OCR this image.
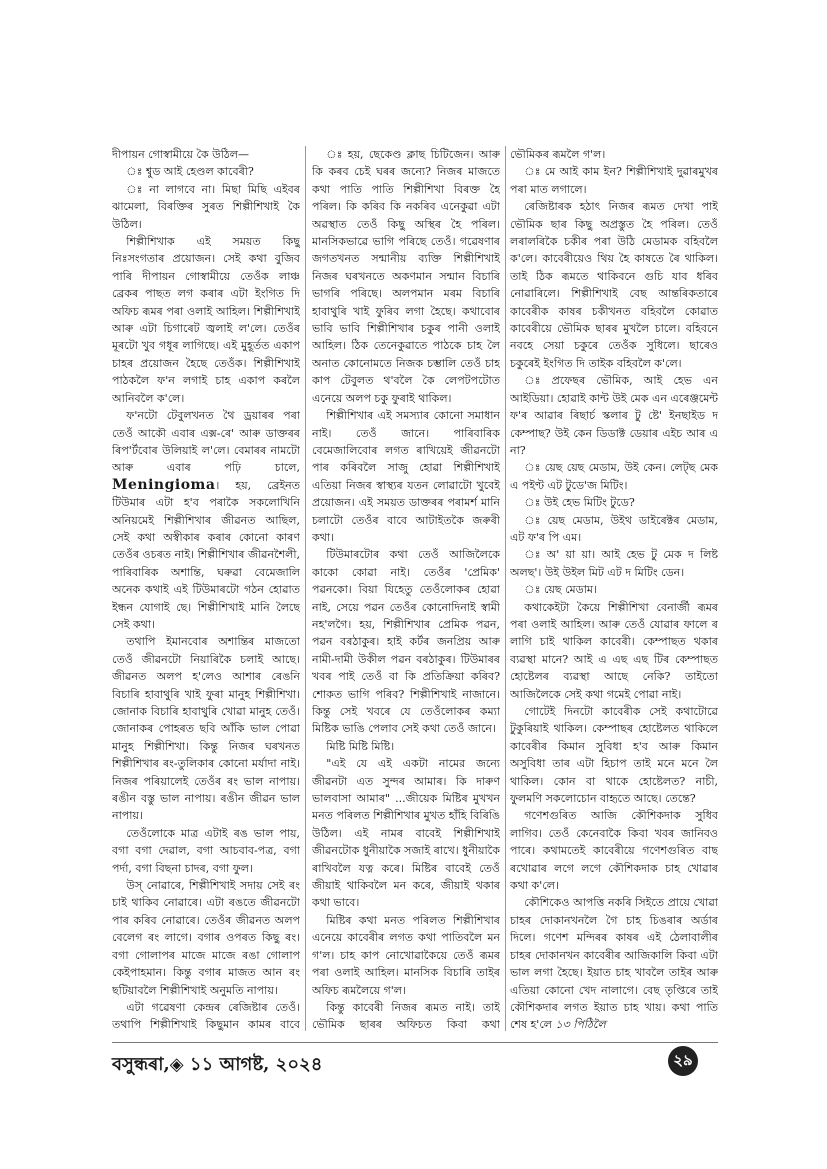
দীপায়ন গোস্বামীয়ে কৈ উঠিল—

ঃ শ্বুড আই হেণ্ডল কাবেৰী?

ঃ না লাগবে না। মিছা মিছি এইবৰ ঝামেলা, বিৰক্তিৰ সুৰত শিল্পীশিখাই কৈ উঠিল।

শিল্পীশিখাক এই সময়ত কিছু নিঃসংগতাৰ প্ৰয়োজন। সেই কথা বুজিব পাৰি দীপায়ন গোস্বামীয়ে তেওঁক লাঞ্চ ব্ৰেকৰ পাছত লগ কৰাৰ এটা ইংগিত দি অফিচ ৰূমৰ পৰা ওলাই আহিল। শিল্পীশিখাই আৰু এটা চিগাৰেট জ্বলাই ল'লে। তেওঁৰ মূৰটো খুব গধূৰ লাগিছে। এই মুহূৰ্তত একাপ চাহৰ প্ৰয়োজন হৈছে তেওঁক। শিল্পীশিখাই পাঠকলৈ ফ'ন লগাই চাহ একাপ কৰলৈ আনিবলৈ ক'লে।

ফ'নটো টেবুলখনত থৈ ড্ৰয়াৰৰ পৰা তেওঁ আকৌ এবাৰ এক্স-ৰে' আৰু ডাক্তৰৰ ৰিপ'ৰ্টবোৰ উলিয়াই ল'লে। বেমাৰৰ নামটো আৰু এবাৰ পঢ়ি চালে, Meningioma। হয়, ব্ৰেইনত টিউমাৰ এটা হ'ব পৰাকৈ সকলোখিনি অনিয়মেই শিল্পীশিখাৰ জীৱনত আছিল, সেই কথা অস্বীকাৰ কৰাৰ কোনো কাৰণ তেওঁৰ ওচৰত নাই। শিল্পীশিখাৰ জীৱনশৈলী, পাৰিবাৰিক অশান্তি, ঘৰুৱা বেমেজালি অনেক কথাই এই টিউমাৰটো গঠন হোৱাত ইন্ধন যোগাই ছে। শিল্পীশিখাই মানি লৈছে সেই কথা।

তথাপি ইমানবোৰ অশান্তিৰ মাজতো তেওঁ জীৱনটো নিয়াৰিকৈ চলাই আছে। জীৱনত অলপ হ'লেও আশাৰ ৰেঙনি বিচাৰি হাবাথুৰি খাই ফুৰা মানুহ শিল্পীশিখা। জোনাক বিচাৰি হাবাথুৰি খোৱা মানুহ তেওঁ। জোনাকৰ পোহৰত ছবি আঁকি ভাল পোৱা মানুহ শিল্পীশিখা। কিন্তু নিজৰ ঘৰখনত শিল্পীশিখাৰ ৰং-তুলিকাৰ কোনো মৰ্যাদা নাই। নিজৰ পৰিয়ালেই তেওঁৰ ৰং ভাল নাপায়। ৰঙীন বস্তু ভাল নাপায়। ৰঙীন জীৱন ভাল নাপায়।

তেওঁলোকে মাত্ৰ এটাই ৰঙ ভাল পায়, বগা বগা দেৱাল, বগা আচবাব-পত্ৰ, বগা পৰ্দা, বগা বিছনা চাদৰ, বগা ফুল।

উস্ নোৱাৰে, শিল্পীশিখাই সদায় সেই ৰং চাই থাকিব নোৱাৰে। এটা ৰঙতে জীৱনটো পাৰ কৰিব নোৱাৰে। তেওঁৰ জীৱনত অলপ বেলেগ ৰং লাগে। বগাৰ ওপৰত কিছু ৰং। বগা গোলাপৰ মাজে মাজে ৰঙা গোলাপ কেইপাহমান। কিন্তু বগাৰ মাজত আন ৰং ছটিয়াবলৈ শিল্পীশিখাই অনুমতি নাপায়।

এটা গৱেষণা কেন্দ্ৰৰ ৰেজিষ্টাৰ তেওঁ। তথাপি শিল্পীশিখাই কিছুমান কামৰ বাবে

ঃ হয়, ছেকেণ্ড ক্লাছ চিটিজেন। আৰু কি কৰব চেই ঘৰৰ জন্যে? নিজৰ মাজতে কথা পাতি পাতি শিল্পীশিখা বিৰক্ত হৈ পৰিল। কি কৰিব কি নকৰিব এনেকুৱা এটা অৱস্থাত তেওঁ কিছু অস্থিৰ হৈ পৰিল। মানসিকভাৱে ভাগি পৰিছে তেওঁ। গৱেষণাৰ জগতখনত সন্মানীয় ব্যক্তি শিল্পীশিখাই নিজৰ ঘৰখনতে অকণমান সন্মান বিচাৰি ভাগৰি পৰিছে। অলপমান মৰম বিচাৰি হাবাথুৰি খাই ফুৰিব লগা হৈছে। কথাবোৰ ভাবি ভাবি শিল্পীশিখাৰ চকুৰ পানী ওলাই আহিল। ঠিক তেনেকুৱাতে পাঠকে চাহ লৈ অনাত কোনোমতে নিজক চম্ভালি তেওঁ চাহ কাপ টেবুলত থ'বলৈ কৈ লেপটপটোত এনেয়ে অলপ চকু ফুৰাই থাকিল।

শিল্পীশিখাৰ এই সমস্যাৰ কোনো সমাধান নাই। তেওঁ জানে। পাৰিবাৰিক বেমেজালিবোৰ লগত ৰাখিয়েই জীৱনটো পাৰ কৰিবলৈ সাজু হোৱা শিল্পীশিখাই এতিয়া নিজৰ স্বাস্থ্যৰ যতন লোৱাটো খুবেই প্ৰয়োজন। এই সময়ত ডাক্তৰৰ পৰামৰ্শ মানি চলাটো তেওঁৰ বাবে আটাইতকৈ জৰুৰী কথা।

টিউমাৰটোৰ কথা তেওঁ আজিলৈকে কাকো কোৱা নাই। তেওঁৰ 'প্ৰেমিক' পৱনকো। বিয়া যিহেতু তেওঁলোকৰ হোৱা নাই, সেয়ে পৱন তেওঁৰ কোনোদিনাই স্বামী নহ'লগৈ। হয়, শিল্পীশিখাৰ প্ৰেমিক পৱন, পৱন বৰঠাকুৰ। হাই কৰ্টৰ জনপ্ৰিয় আৰু নামী-দামী উকীল পৱন বৰঠাকুৰ। টিউমাৰৰ খবৰ পাই তেওঁ বা কি প্ৰতিক্ৰিয়া কৰিব? শোকত ভাগি পৰিব? শিল্পীশিখাই নাজানে। কিন্তু সেই খবৰে যে তেওঁলোকৰ কম্যা মিষ্টিক ভাঙি পেলাব সেই কথা তেওঁ জানে।

মিষ্টি মিষ্টি মিষ্টি।

"এই যে এই একটা নামের জন্যে জীৱনটা এত সুন্দৰ আমাৰ। কি দাৰুণ ভালবাসা আমাৰ" ...জীয়েক মিষ্টিৰ মুখখন মনত পৰিলত শিল্পীশিখাৰ মুখত হাঁহি বিৰিঙি উঠিল। এই নামৰ বাবেই শিল্পীশিখাই জীৱনটোক ধুনীয়াকৈ সজাই ৰাখে। ধুনীয়াকৈ ৰাখিবলৈ যত্ন কৰে। মিষ্টিৰ বাবেই তেওঁ জীয়াই থাকিবলৈ মন কৰে, জীয়াই থকাৰ কথা ভাবে।

মিষ্টিৰ কথা মনত পৰিলত শিল্পীশিখাৰ এনেয়ে কাবেৰীৰ লগত কথা পাতিবলৈ মন গ'ল। চাহ কাপ নোখোৱাকৈয়ে তেওঁ ৰূমৰ পৰা ওলাই আহিল। মানসিক বিচাৰি তাইৰ অফিচ ৰূমলৈয়ে গ'ল।

কিন্তু কাবেৰী নিজৰ ৰূমত নাই। তাই ভৌমিক ছাৰৰ অফিচত কিবা কথা

ভৌমিকৰ ৰূমলৈ গ'ল।

ঃ মে আই কাম ইন? শিল্পীশিখাই দুৱাৰমুখৰ পৰা মাত লগালে।

ৰেজিষ্টাৰক হঠাৎ নিজৰ ৰূমত দেখা পাই ভৌমিক ছাৰ কিছু অপ্ৰস্তুত হৈ পৰিল। তেওঁ লৰালৰিকৈ চকীৰ পৰা উঠি মেডামক বহিবলৈ ক'লে। কাবেৰীয়েও থিয় হৈ কাষতে ৰৈ থাকিল। তাই ঠিক ৰূমতে থাকিবনে গুচি যাব ধৰিব নোৱাৰিলে। শিল্পীশিখাই বেছ আন্তৰিকতাৰে কাবেৰীক কাষৰ চকীখনত বহিবলৈ কোৱাত কাবেৰীয়ে ভৌমিক ছাৰৰ মুখলৈ চালে। বহিবনে নবহে সেয়া চকুৰে তেওঁক সুধিলে। ছাৰেও চকুৰেই ইংগিত দি তাইক বহিবলৈ ক'লে।

ঃ প্ৰফেছৰ ভৌমিক, আই হেভ এন আইডিয়া। হোৱাই কান্ট উই মেক এন এৰেঞ্জমেন্ট ফ'ৰ আৱাৰ ৰিছাৰ্চ স্কলাৰ টু ষ্টে' ইনছাইড দ কেম্পাছ? উই কেন ডিডাক্ট ডেয়াৰ এইচ আৰ এ না?

ঃ য়েছ য়েছ মেডাম, উই কেন। লেট্‌ছ মেক এ পইণ্ট এট টুডে'জ মিটিং।

ঃ উই হেভ মিটিং টুডে?

ঃ য়েছ মেডাম, উইথ ডাইৰেক্টৰ মেডাম, এট ফ'ৰ পি এম।

ঃ অ' য়া য়া। আই হেভ টু মেক দ লিষ্ট অলছ'। উই উইল মিট এট দ মিটিং ডেন।

ঃ য়েছ মেডাম।

কথাকেইটা কৈয়ে শিল্পীশিখা বেনাৰ্জী ৰূমৰ পৰা ওলাই আহিল। আৰু তেওঁ যোৱাৰ ফালে ৰ লাগি চাই থাকিল কাবেৰী। কেম্পাছত থকাৰ ব্যৱস্থা মানে? আই এ এছ এছ টিৰ কেম্পাছত হোষ্টেলৰ ব্যৱস্থা আছে নেকি? তাইতো আজিলৈকে সেই কথা গমেই পোৱা নাই।

গোটেই দিনটো কাবেৰীক সেই কথাটোৱে টুকুৰিয়াই থাকিল। কেম্পাছৰ হোষ্টেলত থাকিলে কাবেৰীৰ কিমান সুবিধা হ'ব আৰু কিমান অসুবিধা তাৰ এটা হিচাপ তাই মনে মনে লৈ থাকিল। কোন বা থাকে হোষ্টেলত? নাচী, ফুলমণি সকলোচোন বাহৃতে আছে। তেন্তে?

গণেশগুৰিত আজি কৌশিকদাক সুধিব লাগিব। তেওঁ কেনেবাকৈ কিবা খবৰ জানিবও পাৰে। কথামতেই কাবেৰীয়ে গণেশগুৰিত বাছ ৰখোৱাৰ লগে লগে কৌশিকদাক চাহ খোৱাৰ কথা ক'লে।

কৌশিকেও আপত্তি নকৰি সিইতে প্ৰায়ে খোৱা চাহৰ দোকানখনলৈ গৈ চাহ চিঙৰাৰ অৰ্ডাৰ দিলে। গণেশ মন্দিৰৰ কাষৰ এই ঠেলাবালীৰ চাহৰ দোকানখন কাবেৰীৰ আজিকালি কিবা এটা ভাল লগা হৈছে। ইয়াত চাহ খাবলৈ তাইৰ আৰু এতিয়া কোনো খেদ নালাগে। বেছ তৃপ্তিৰে তাই কৌশিকদাৰ লগত ইয়াত চাহ খায়। কথা পাতি শেষ হ'লে ১৩ পিঠিলৈ

বসুন্ধৰা,◈ ১১ আগষ্ট, ২০২৪	২৯
